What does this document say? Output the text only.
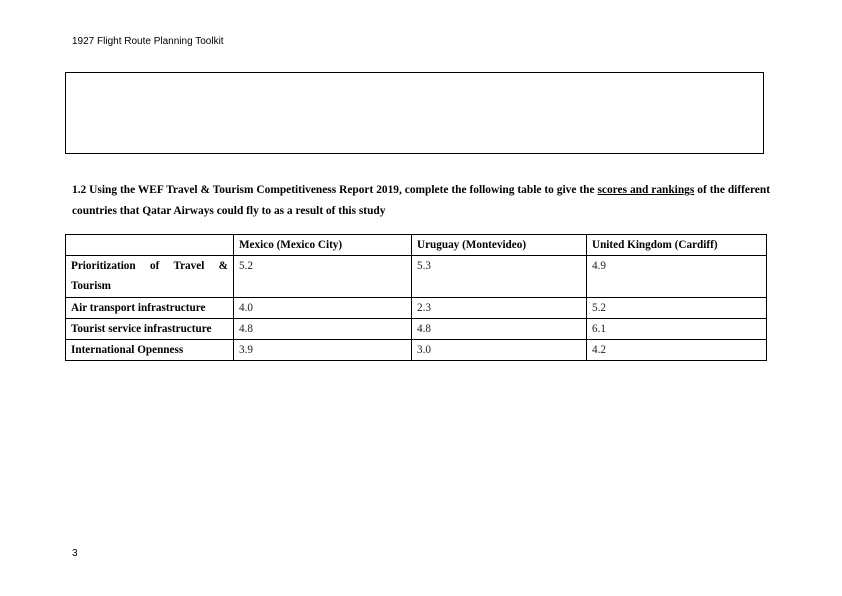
1927 Flight Route Planning Toolkit
1.2 Using the WEF Travel & Tourism Competitiveness Report 2019, complete the following table to give the scores and rankings of the different countries that Qatar Airways could fly to as a result of this study
	Mexico (Mexico City)	Uruguay (Montevideo)	United Kingdom (Cardiff)
Prioritization of Travel & Tourism	5.2	5.3	4.9
Air transport infrastructure	4.0	2.3	5.2
Tourist service infrastructure	4.8	4.8	6.1
International Openness	3.9	3.0	4.2
3
